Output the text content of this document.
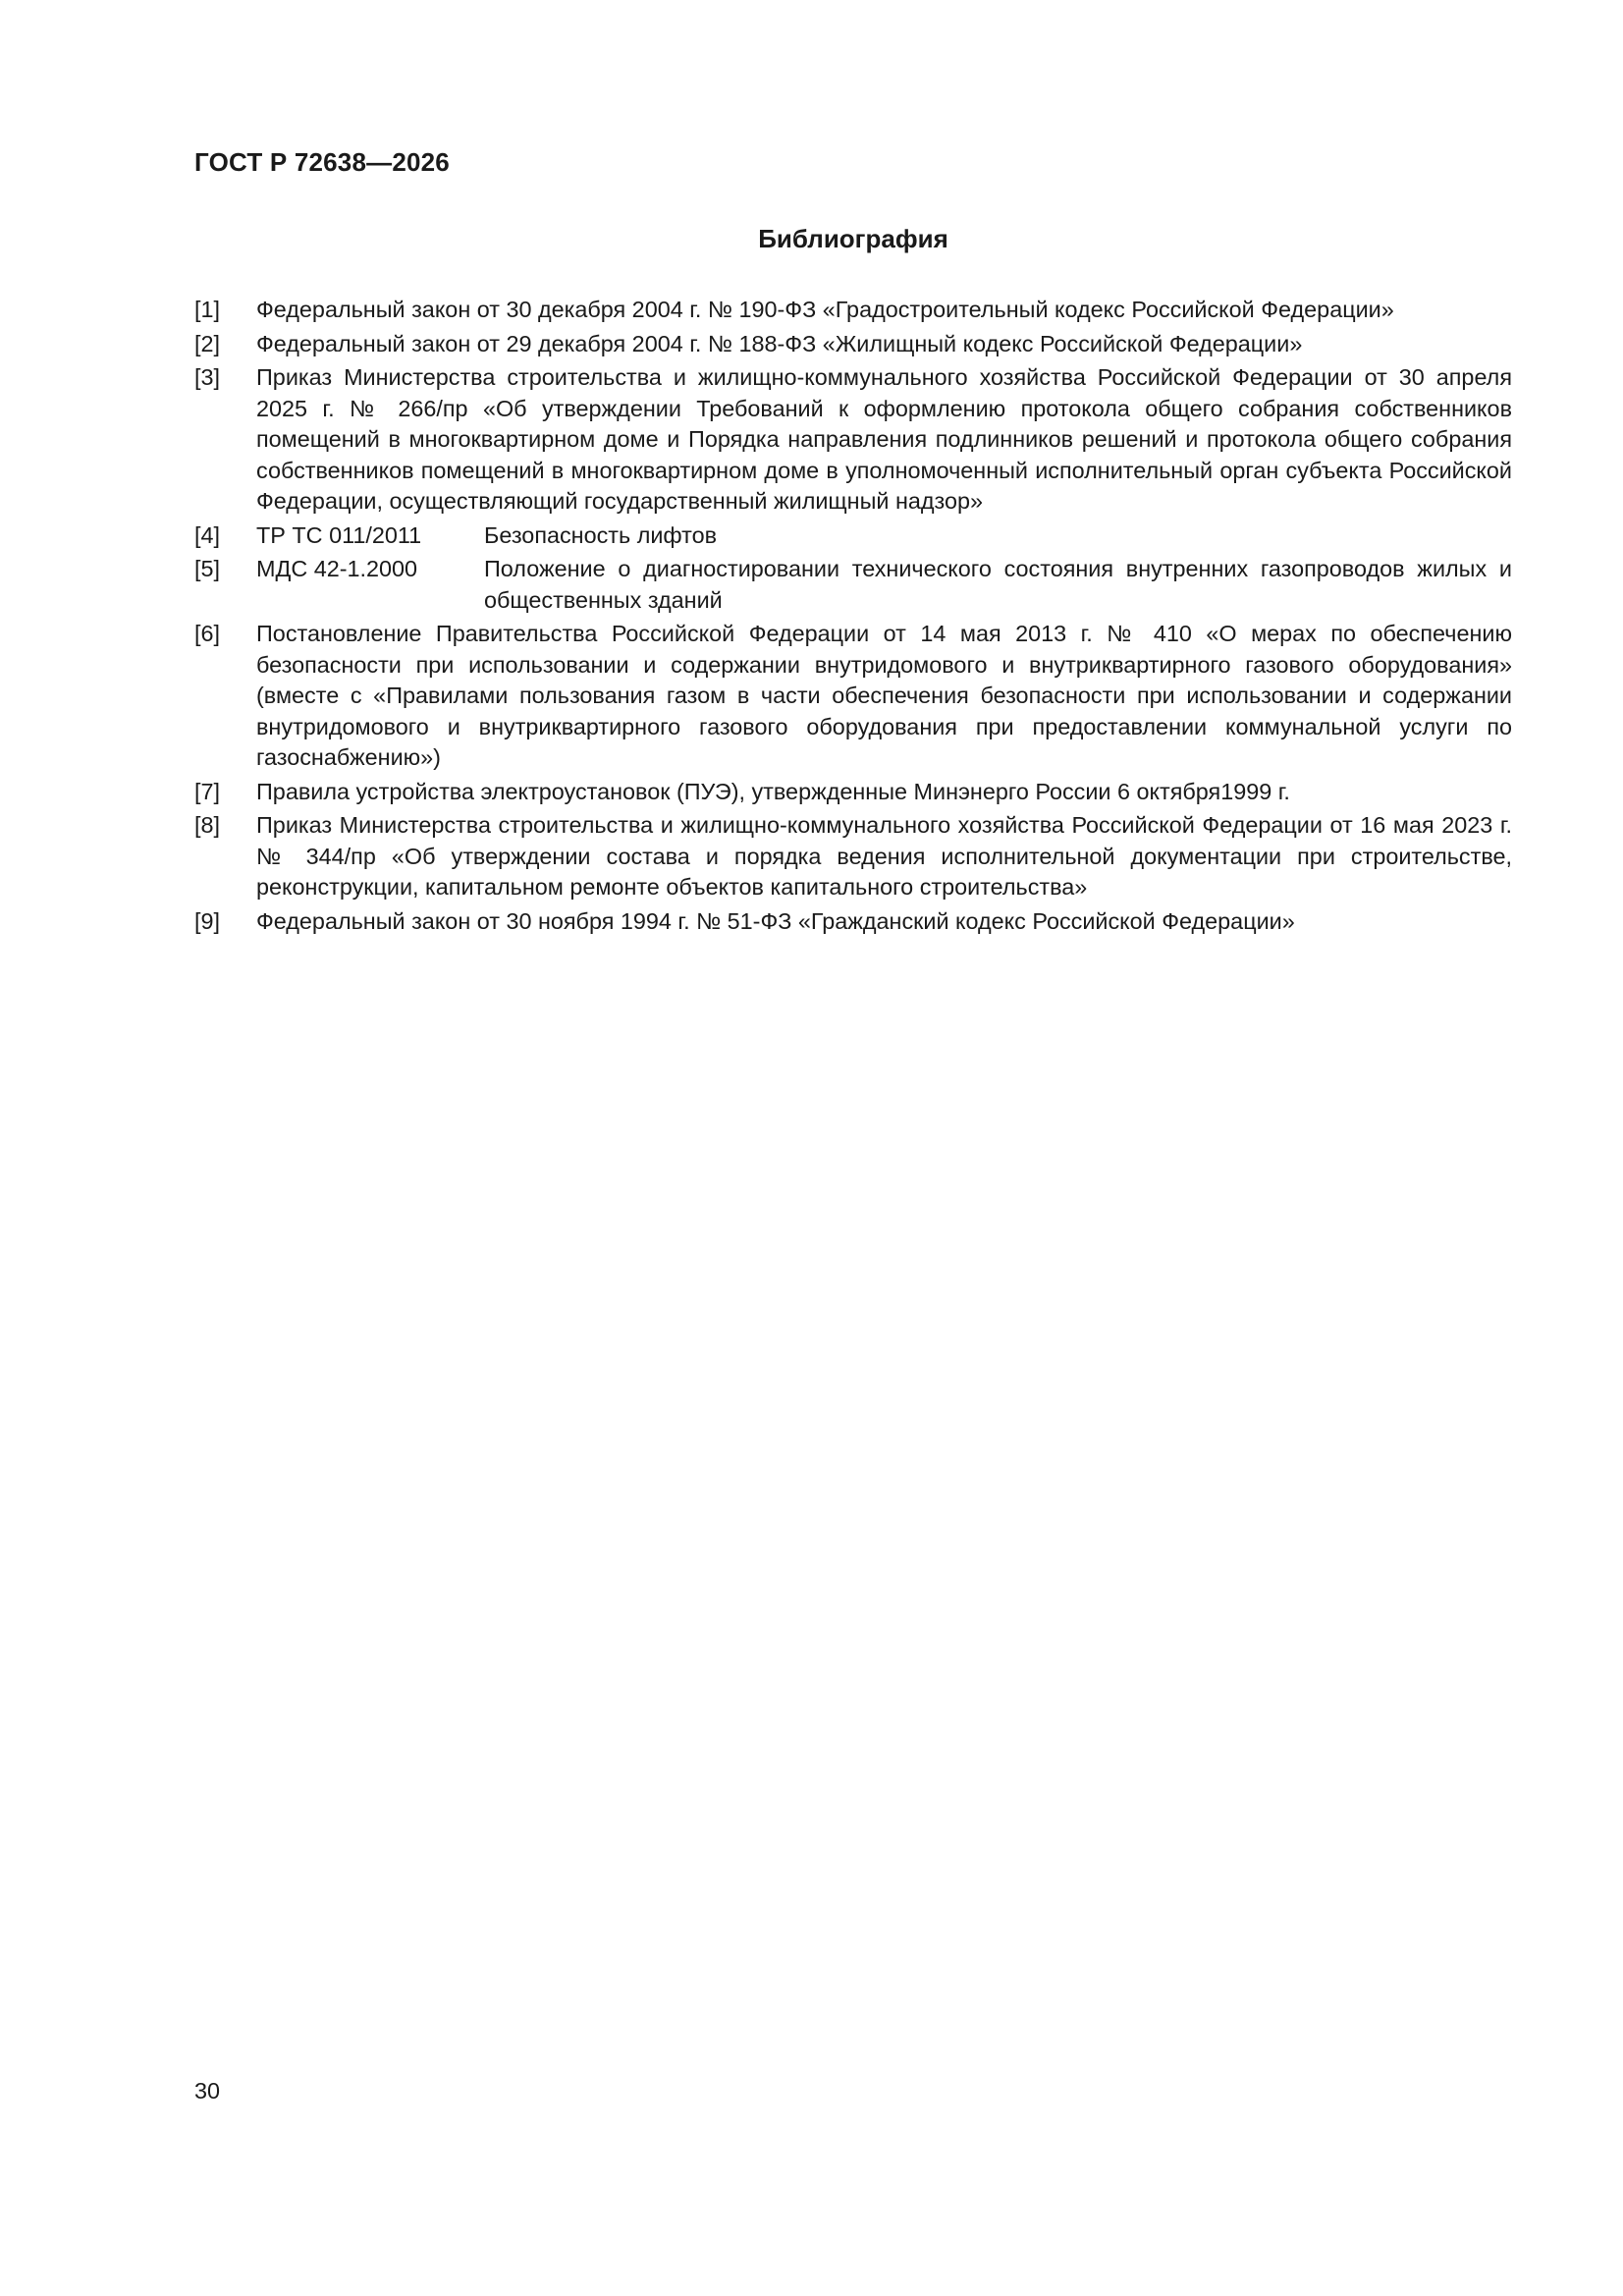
ГОСТ Р 72638—2026
Библиография
[1]	Федеральный закон от 30 декабря 2004 г. № 190-ФЗ «Градостроительный кодекс Российской Федерации»
[2]	Федеральный закон от 29 декабря 2004 г. № 188-ФЗ «Жилищный кодекс Российской Федерации»
[3]	Приказ Министерства строительства и жилищно-коммунального хозяйства Российской Федерации от 30 апреля 2025 г. № 266/пр «Об утверждении Требований к оформлению протокола общего собрания собственников помещений в многоквартирном доме и Порядка направления подлинников решений и протокола общего собрания собственников помещений в многоквартирном доме в уполномоченный исполнительный орган субъекта Российской Федерации, осуществляющий государственный жилищный надзор»
[4]	ТР ТС 011/2011	Безопасность лифтов
[5]	МДС 42-1.2000	Положение о диагностировании технического состояния внутренних газопроводов жилых и общественных зданий
[6]	Постановление Правительства Российской Федерации от 14 мая 2013 г. № 410 «О мерах по обеспечению безопасности при использовании и содержании внутридомового и внутриквартирного газового оборудования» (вместе с «Правилами пользования газом в части обеспечения безопасности при использовании и содержании внутридомового и внутриквартирного газового оборудования при предоставлении коммунальной услуги по газоснабжению»)
[7]	Правила устройства электроустановок (ПУЭ), утвержденные Минэнерго России 6 октября1999 г.
[8]	Приказ Министерства строительства и жилищно-коммунального хозяйства Российской Федерации от 16 мая 2023 г. № 344/пр «Об утверждении состава и порядка ведения исполнительной документации при строительстве, реконструкции, капитальном ремонте объектов капитального строительства»
[9]	Федеральный закон от 30 ноября 1994 г. № 51-ФЗ «Гражданский кодекс Российской Федерации»
30
